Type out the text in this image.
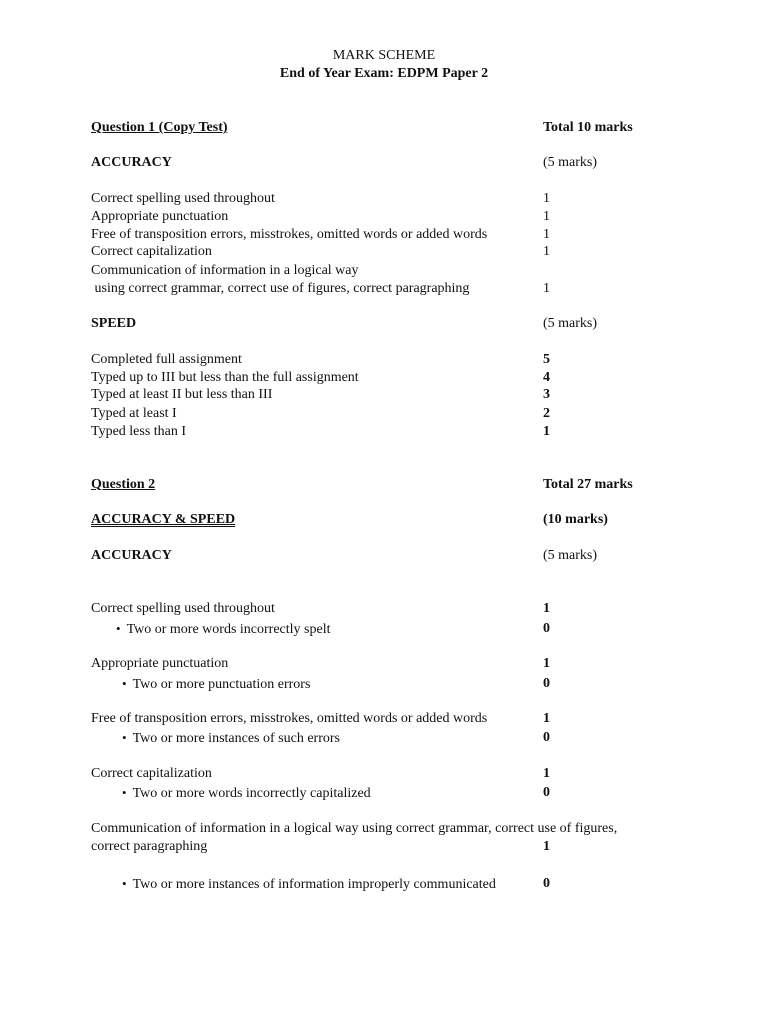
MARK SCHEME
End of Year Exam: EDPM Paper 2
Question 1 (Copy Test)	Total 10 marks
ACCURACY	(5 marks)
Correct spelling used throughout	1
Appropriate punctuation	1
Free of transposition errors, misstrokes, omitted words or added words	1
Correct capitalization	1
Communication of information in a logical way
using correct grammar, correct use of figures, correct paragraphing	1
SPEED	(5 marks)
Completed full assignment	5
Typed up to III but less than the full assignment	4
Typed at least II but less than III	3
Typed at least I	2
Typed less than I	1
Question 2	Total 27 marks
ACCURACY & SPEED	(10 marks)
ACCURACY	(5 marks)
Correct spelling used throughout	1
• Two or more words incorrectly spelt	0
Appropriate punctuation	1
• Two or more punctuation errors	0
Free of transposition errors, misstrokes, omitted words or added words	1
• Two or more instances of such errors	0
Correct capitalization	1
• Two or more words incorrectly capitalized	0
Communication of information in a logical way using correct grammar, correct use of figures,
correct paragraphing	1
• Two or more instances of information improperly communicated	0
